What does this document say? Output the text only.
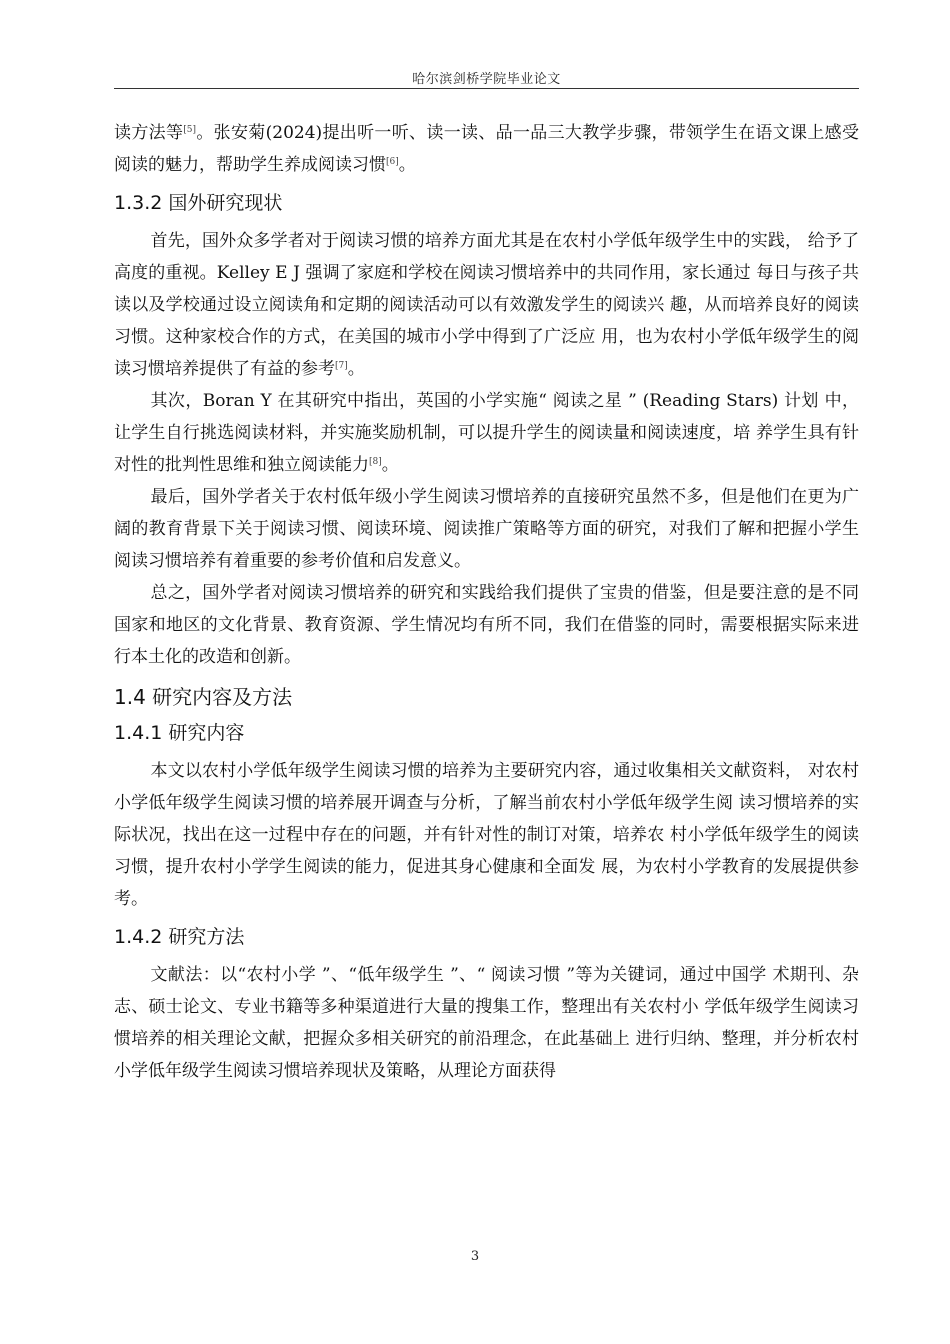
哈尔滨剑桥学院毕业论文

读方法等[5]。张安菊(2024)提出听一听、读一读、品一品三大教学步骤，带领学生在语文课上感受阅读的魅力，帮助学生养成阅读习惯[6]。

1.3.2 国外研究现状

首先，国外众多学者对于阅读习惯的培养方面尤其是在农村小学低年级学生中的实践， 给予了高度的重视。Kelley E J 强调了家庭和学校在阅读习惯培养中的共同作用，家长通过 每日与孩子共读以及学校通过设立阅读角和定期的阅读活动可以有效激发学生的阅读兴 趣，从而培养良好的阅读习惯。这种家校合作的方式，在美国的城市小学中得到了广泛应 用，也为农村小学低年级学生的阅读习惯培养提供了有益的参考[7]。

其次，Boran Y 在其研究中指出，英国的小学实施“ 阅读之星 ” (Reading Stars) 计划 中，让学生自行挑选阅读材料，并实施奖励机制，可以提升学生的阅读量和阅读速度，培 养学生具有针对性的批判性思维和独立阅读能力[8]。

最后，国外学者关于农村低年级小学生阅读习惯培养的直接研究虽然不多，但是他们在更为广阔的教育背景下关于阅读习惯、阅读环境、阅读推广策略等方面的研究，对我们了解和把握小学生阅读习惯培养有着重要的参考价值和启发意义。

总之，国外学者对阅读习惯培养的研究和实践给我们提供了宝贵的借鉴，但是要注意的是不同国家和地区的文化背景、教育资源、学生情况均有所不同，我们在借鉴的同时，需要根据实际来进行本土化的改造和创新。

1.4 研究内容及方法
1.4.1 研究内容

本文以农村小学低年级学生阅读习惯的培养为主要研究内容，通过收集相关文献资料， 对农村小学低年级学生阅读习惯的培养展开调查与分析，了解当前农村小学低年级学生阅 读习惯培养的实际状况，找出在这一过程中存在的问题，并有针对性的制订对策，培养农 村小学低年级学生的阅读习惯，提升农村小学学生阅读的能力，促进其身心健康和全面发 展，为农村小学教育的发展提供参考。

1.4.2 研究方法

文献法：以“农村小学 ”、“低年级学生 ”、“ 阅读习惯 ”等为关键词，通过中国学 术期刊、杂志、硕士论文、专业书籍等多种渠道进行大量的搜集工作，整理出有关农村小 学低年级学生阅读习惯培养的相关理论文献，把握众多相关研究的前沿理念，在此基础上 进行归纳、整理，并分析农村小学低年级学生阅读习惯培养现状及策略，从理论方面获得

3
